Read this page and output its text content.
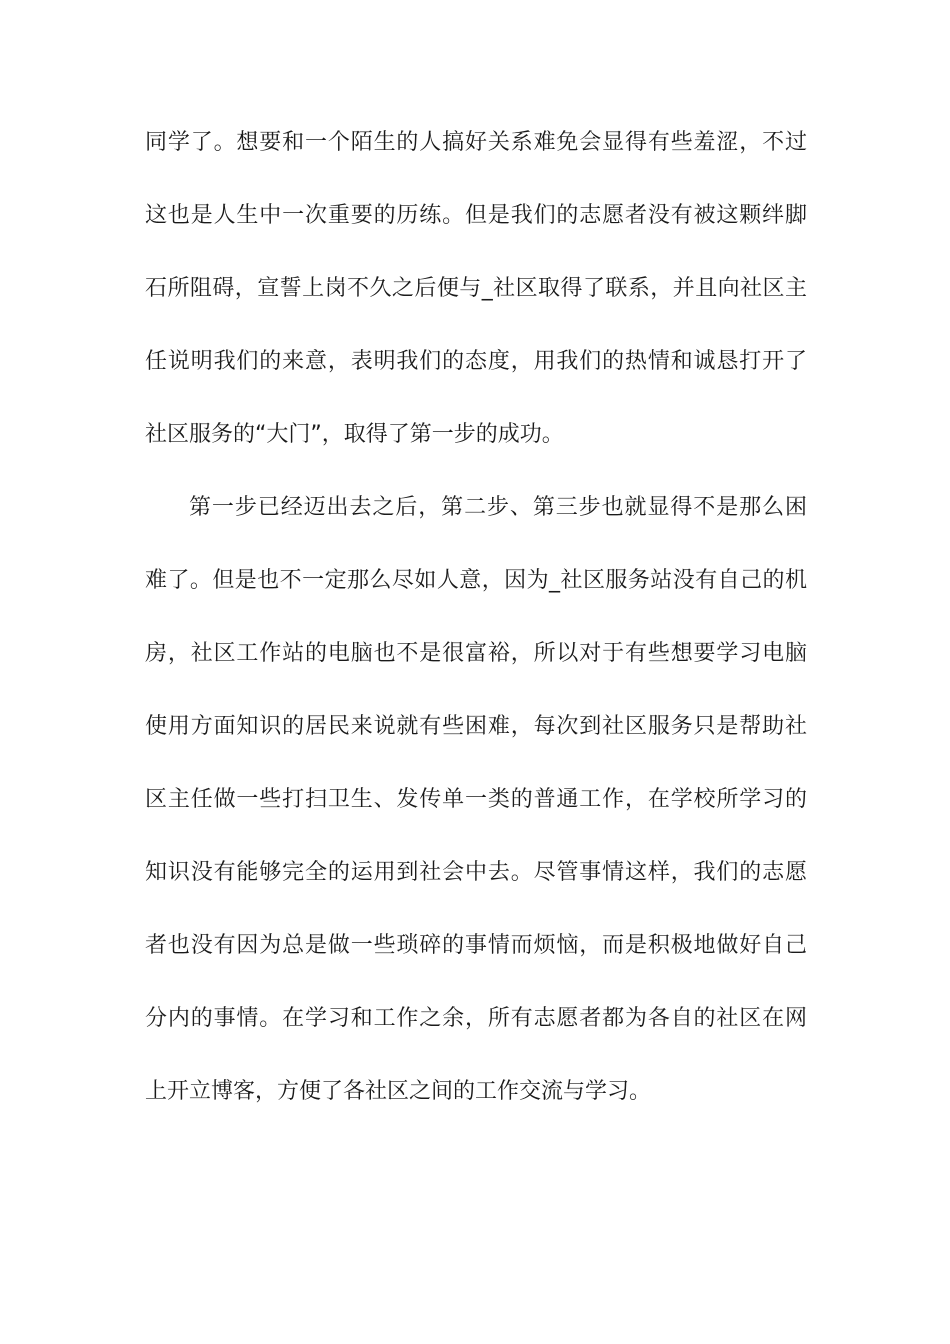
同学了。想要和一个陌生的人搞好关系难免会显得有些羞涩，不过
这也是人生中一次重要的历练。但是我们的志愿者没有被这颗绊脚
石所阻碍，宣誓上岗不久之后便与_社区取得了联系，并且向社区主
任说明我们的来意，表明我们的态度，用我们的热情和诚恳打开了
社区服务的“大门”，取得了第一步的成功。
第一步已经迈出去之后，第二步、第三步也就显得不是那么困
难了。但是也不一定那么尽如人意，因为_社区服务站没有自己的机
房，社区工作站的电脑也不是很富裕，所以对于有些想要学习电脑
使用方面知识的居民来说就有些困难，每次到社区服务只是帮助社
区主任做一些打扫卫生、发传单一类的普通工作，在学校所学习的
知识没有能够完全的运用到社会中去。尽管事情这样，我们的志愿
者也没有因为总是做一些琐碎的事情而烦恼，而是积极地做好自己
分内的事情。在学习和工作之余，所有志愿者都为各自的社区在网
上开立博客，方便了各社区之间的工作交流与学习。
